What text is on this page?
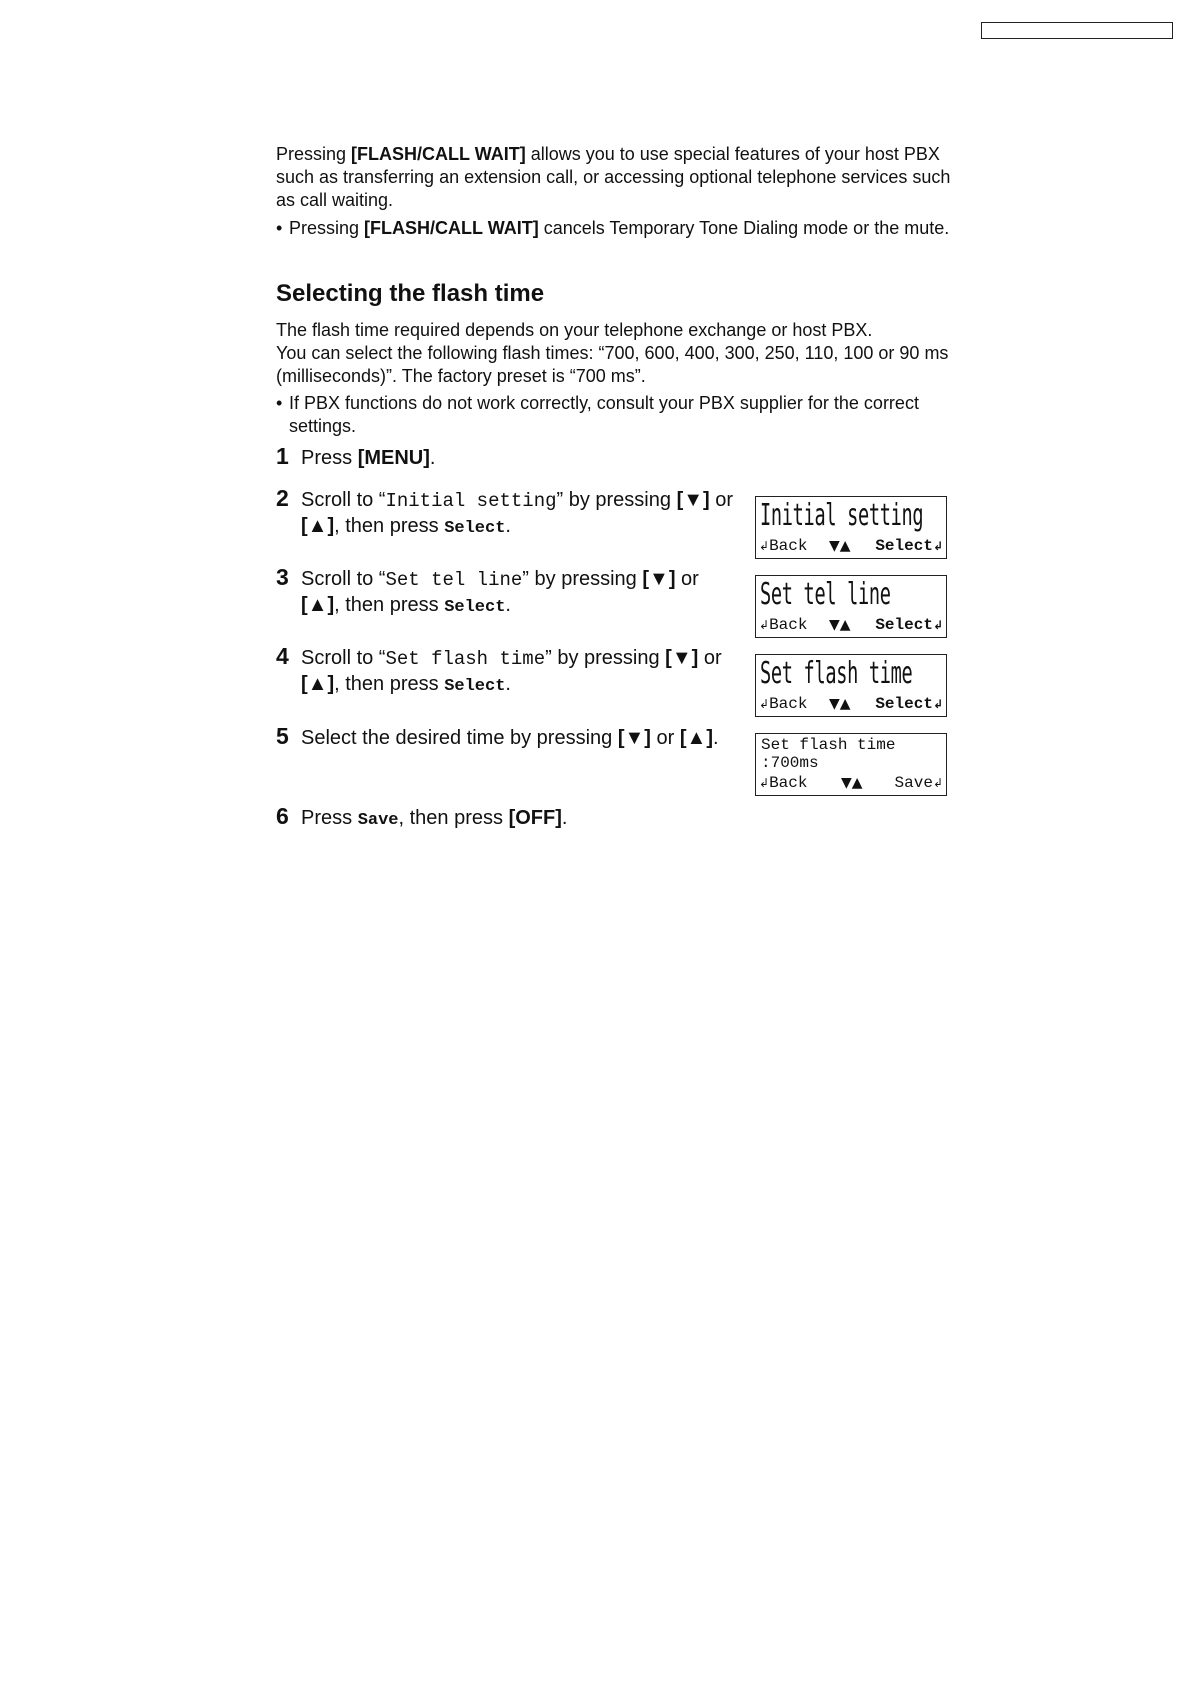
Pressing [FLASH/CALL WAIT] allows you to use special features of your host PBX such as transferring an extension call, or accessing optional telephone services such as call waiting.

• Pressing [FLASH/CALL WAIT] cancels Temporary Tone Dialing mode or the mute.

Selecting the flash time

The flash time required depends on your telephone exchange or host PBX.

You can select the following flash times: “700, 600, 400, 300, 250, 110, 100 or 90 ms (milliseconds)”. The factory preset is “700 ms”.

• If PBX functions do not work correctly, consult your PBX supplier for the correct settings.

1 Press [MENU].
2 Scroll to “Initial setting” by pressing [▼] or [▲], then press Select.
3 Scroll to “Set tel line” by pressing [▼] or [▲], then press Select.
4 Scroll to “Set flash time” by pressing [▼] or [▲], then press Select.
5 Select the desired time by pressing [▼] or [▲].
6 Press Save, then press [OFF].
Initial setting
↲Back ▼▲ Select↲
Set tel line
↲Back ▼▲ Select↲
Set flash time
↲Back ▼▲ Select↲
Set flash time
:700ms
↲Back ▼▲ Save↲
